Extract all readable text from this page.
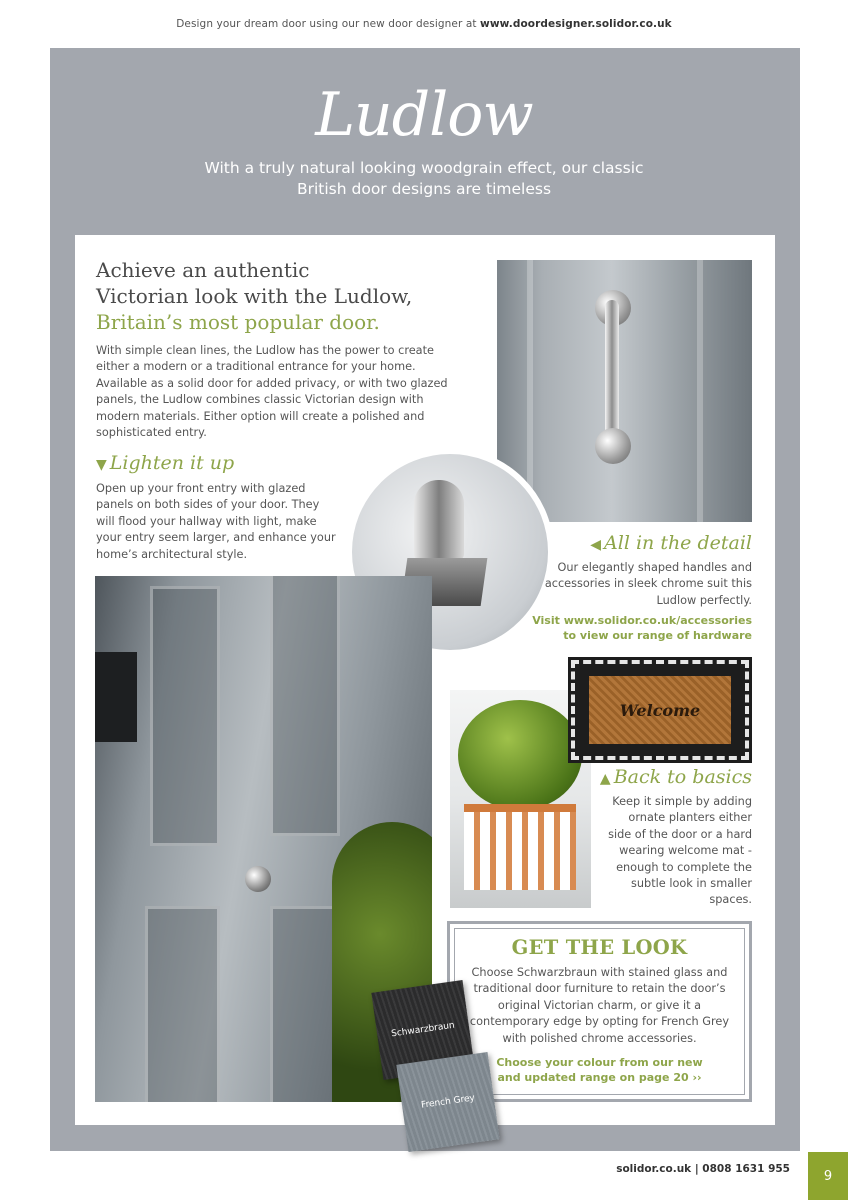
Design your dream door using our new door designer at www.doordesigner.solidor.co.uk
Ludlow
With a truly natural looking woodgrain effect, our classic
British door designs are timeless
Achieve an authentic
Victorian look with the Ludlow,
Britain’s most popular door.

With simple clean lines, the Ludlow has the power to create either a modern or a traditional entrance for your home. Available as a solid door for added privacy, or with two glazed panels, the Ludlow combines classic Victorian design with modern materials. Either option will create a polished and sophisticated entry.

▼ Lighten it up

Open up your front entry with glazed panels on both sides of your door. They will flood your hallway with light, make your entry seem larger, and enhance your home’s architectural style.

◀ All in the detail

Our elegantly shaped handles and accessories in sleek chrome suit this Ludlow perfectly.

Visit www.solidor.co.uk/accessories
to view our range of hardware
Welcome
▲ Back to basics

Keep it simple by adding ornate planters either side of the door or a hard wearing welcome mat - enough to complete the subtle look in smaller spaces.

GET THE LOOK

Choose Schwarzbraun with stained glass and traditional door furniture to retain the door’s original Victorian charm, or give it a contemporary edge by opting for French Grey with polished chrome accessories.

Choose your colour from our new
and updated range on page 20 ››
Schwarzbraun
French Grey
solidor.co.uk | 0808 1631 955	9
